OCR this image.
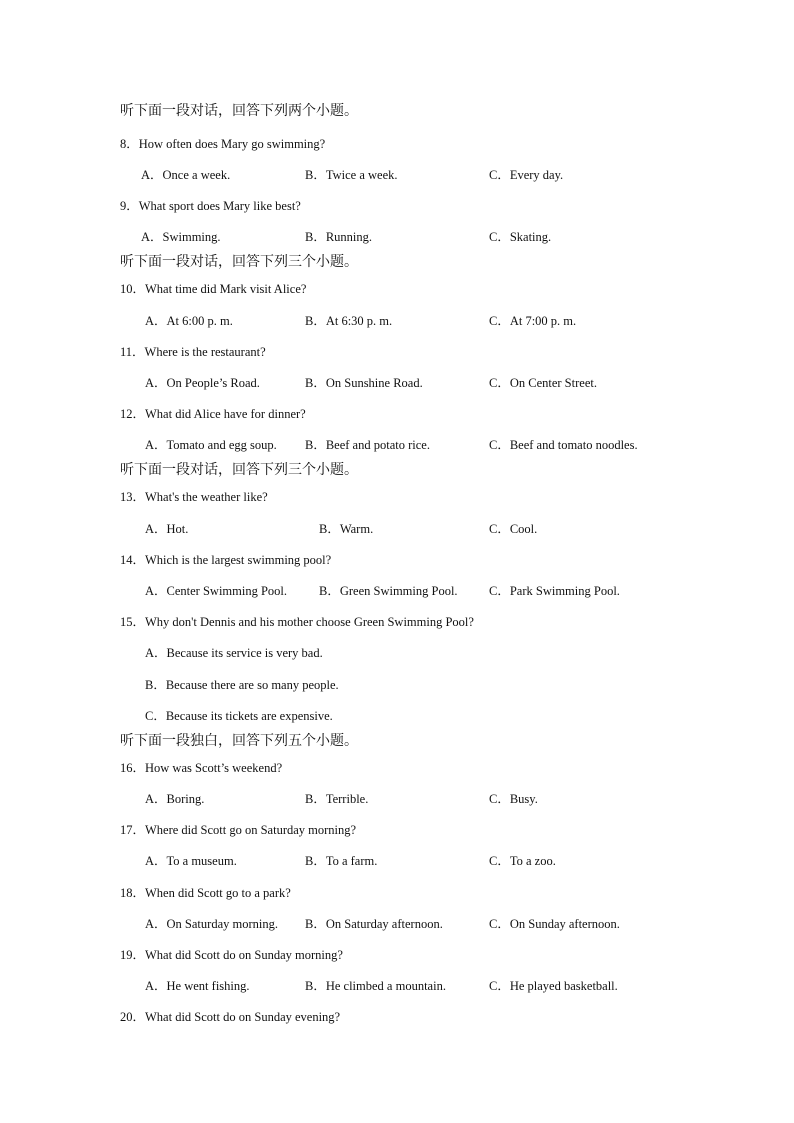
听下面一段对话，回答下列两个小题。
8．How often does Mary go swimming?
A．Once a week.	B．Twice a week.	C．Every day.
9．What sport does Mary like best?
A．Swimming.	B．Running.	C．Skating.
听下面一段对话，回答下列三个小题。
10．What time did Mark visit Alice?
A．At 6:00 p. m.	B．At 6:30 p. m.	C．At 7:00 p. m.
11．Where is the restaurant?
A．On People’s Road.	B．On Sunshine Road.	C．On Center Street.
12．What did Alice have for dinner?
A．Tomato and egg soup. B．Beef and potato rice.	C．Beef and tomato noodles.
听下面一段对话，回答下列三个小题。
13．What's the weather like?
A．Hot.	B．Warm.	C．Cool.
14．Which is the largest swimming pool?
A．Center Swimming Pool.	B．Green Swimming Pool.	C．Park Swimming Pool.
15．Why don't Dennis and his mother choose Green Swimming Pool?
A．Because its service is very bad.
B．Because there are so many people.
C．Because its tickets are expensive.
听下面一段独白，回答下列五个小题。
16．How was Scott’s weekend?
A．Boring.	B．Terrible.	C．Busy.
17．Where did Scott go on Saturday morning?
A．To a museum.	B．To a farm.	C．To a zoo.
18．When did Scott go to a park?
A．On Saturday morning. B．On Saturday afternoon.	C．On Sunday afternoon.
19．What did Scott do on Sunday morning?
A．He went fishing.	B．He climbed a mountain.	C．He played basketball.
20．What did Scott do on Sunday evening?
